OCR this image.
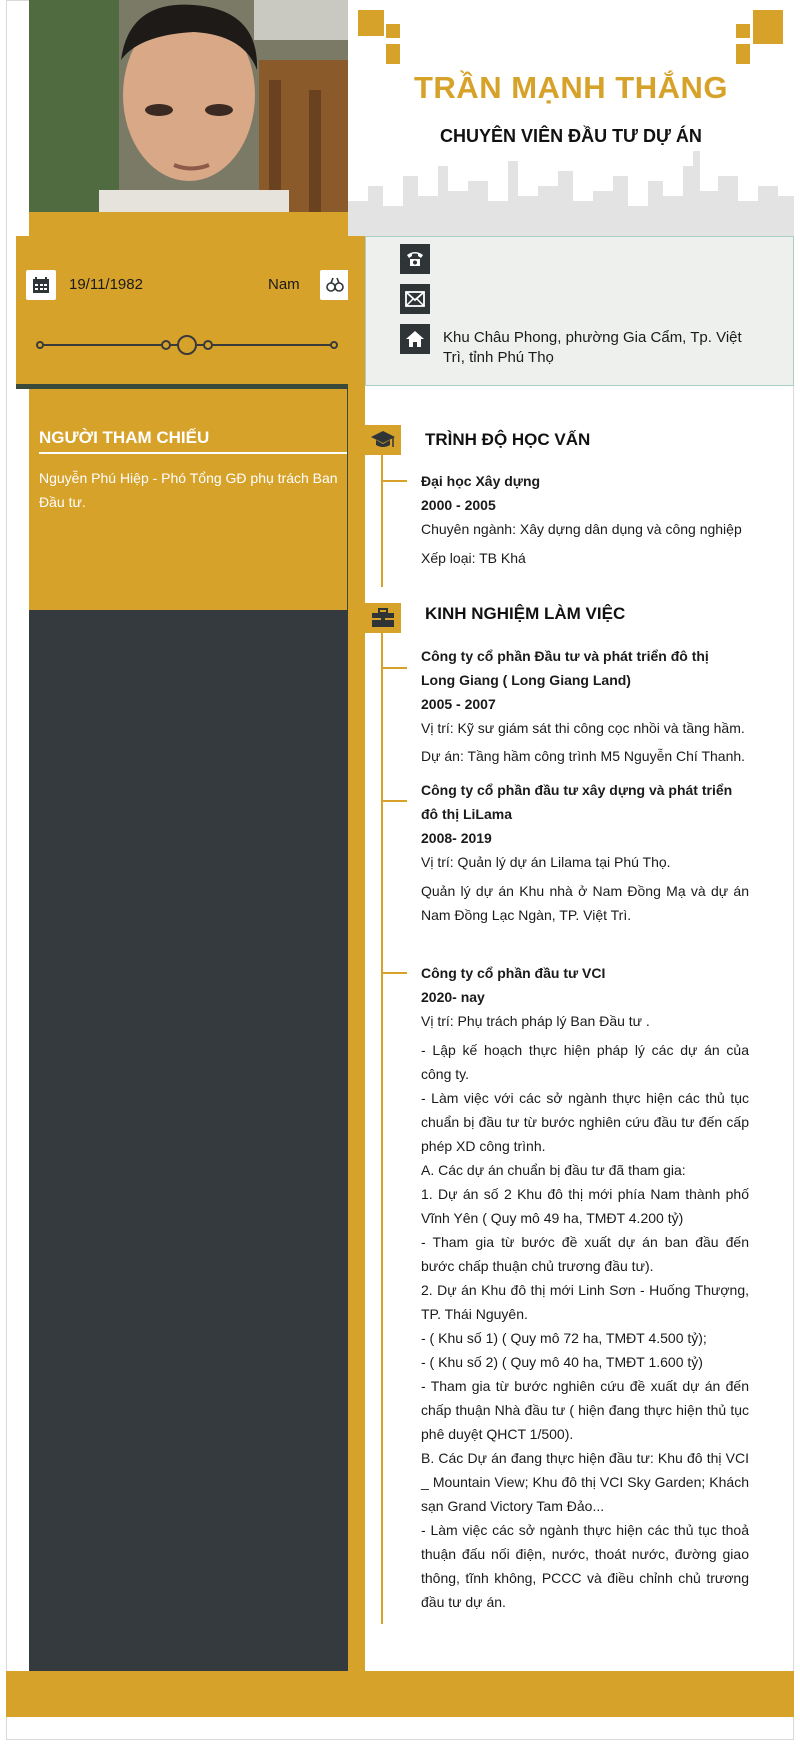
TRẦN MẠNH THẮNG
CHUYÊN VIÊN ĐẦU TƯ DỰ ÁN
19/11/1982	Nam
NGƯỜI THAM CHIẾU
Nguyễn Phú Hiệp - Phó Tổng GĐ phụ trách Ban Đầu tư.
Khu Châu Phong, phường Gia Cẩm, Tp. Việt Trì, tỉnh Phú Thọ
TRÌNH ĐỘ HỌC VẤN
Đại học Xây dựng
2000 - 2005
Chuyên ngành: Xây dựng dân dụng và công nghiệp
Xếp loại: TB Khá
KINH NGHIỆM LÀM VIỆC
Công ty cổ phần Đầu tư và phát triển đô thị
Long Giang ( Long Giang Land)
2005 - 2007
Vị trí: Kỹ sư giám sát thi công cọc nhồi và tầng hầm.
Dự án: Tầng hầm công trình M5 Nguyễn Chí Thanh.
Công ty cổ phần đầu tư xây dựng và phát triển
đô thị LiLama
2008- 2019
Vị trí: Quản lý dự án Lilama tại Phú Thọ.
Quản lý dự án Khu nhà ở Nam Đồng Mạ và dự án Nam Đồng Lạc Ngàn, TP. Việt Trì.
Công ty cổ phần đầu tư VCI
2020- nay
Vị trí: Phụ trách pháp lý Ban Đầu tư .
- Lập kế hoạch thực hiện pháp lý các dự án của công ty.
- Làm việc với các sở ngành thực hiện các thủ tục chuẩn bị đầu tư từ bước nghiên cứu đầu tư đến cấp phép XD công trình.
A. Các dự án chuẩn bị đầu tư đã tham gia:
1. Dự án số 2 Khu đô thị mới phía Nam thành phố Vĩnh Yên ( Quy mô 49 ha, TMĐT 4.200 tỷ)
- Tham gia từ bước đề xuất dự án ban đầu đến bước chấp thuận chủ trương đầu tư).
2. Dự án Khu đô thị mới Linh Sơn - Huống Thượng, TP. Thái Nguyên.
- ( Khu số 1) ( Quy mô 72 ha, TMĐT 4.500 tỷ);
- ( Khu số 2) ( Quy mô 40 ha, TMĐT 1.600 tỷ)
- Tham gia từ bước nghiên cứu đề xuất dự án đến chấp thuận Nhà đầu tư ( hiện đang thực hiện thủ tục phê duyệt QHCT 1/500).
B. Các Dự án đang thực hiện đầu tư: Khu đô thị VCI _ Mountain View; Khu đô thị VCI Sky Garden; Khách sạn Grand Victory Tam Đảo...
- Làm việc các sở ngành thực hiện các thủ tục thoả thuận đấu nối điện, nước, thoát nước, đường giao thông, tĩnh không, PCCC và điều chỉnh chủ trương đầu tư dự án.
